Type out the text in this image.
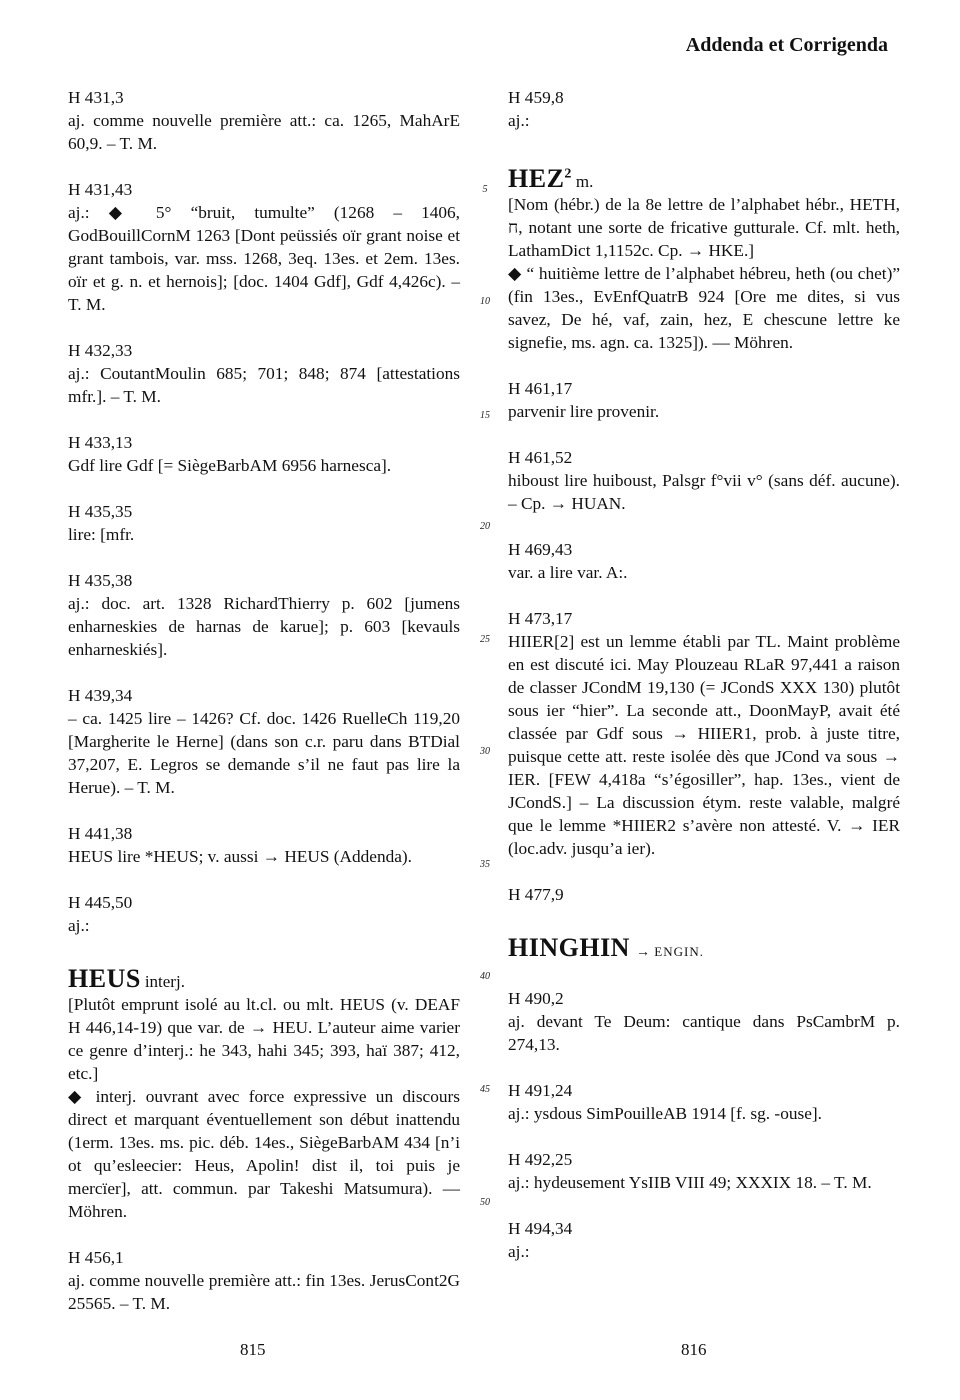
Addenda et Corrigenda
H 431,3
aj. comme nouvelle première att.: ca. 1265, MahArE 60,9. – T. M.
H 431,43
aj.: ◆ 5° “bruit, tumulte” (1268 – 1406, GodBouillCornM 1263 [Dont peüssiés oïr grant noise et grant tambois, var. mss. 1268, 3eq. 13es. et 2em. 13es. oïr et g. n. et hernois]; [doc. 1404 Gdf], Gdf 4,426c). – T. M.
H 432,33
aj.: CoutantMoulin 685; 701; 848; 874 [attestations mfr.]. – T. M.
H 433,13
Gdf lire Gdf [= SiègeBarbAM 6956 harnesca].
H 435,35
lire: [mfr.
H 435,38
aj.: doc. art. 1328 RichardThierry p. 602 [jumens enharneskies de harnas de karue]; p. 603 [kevauls enharneskiés].
H 439,34
– ca. 1425 lire – 1426? Cf. doc. 1426 RuelleCh 119,20 [Margherite le Herne] (dans son c.r. paru dans BTDial 37,207, E. Legros se demande s’il ne faut pas lire la Herue). – T. M.
H 441,38
HEUS lire *HEUS; v. aussi → HEUS (Addenda).
H 445,50
aj.:
HEUS interj.
[Plutôt emprunt isolé au lt.cl. ou mlt. HEUS (v. DEAF H 446,14-19) que var. de → HEU. L’auteur aime varier ce genre d’interj.: he 343, hahi 345; 393, haï 387; 412, etc.]
◆ interj. ouvrant avec force expressive un discours direct et marquant éventuellement son début inattendu (1erm. 13es. ms. pic. déb. 14es., SiègeBarbAM 434 [n’i ot qu’esleecier: Heus, Apolin! dist il, toi puis je mercïer], att. commun. par Takeshi Matsumura). — Möhren.
H 456,1
aj. comme nouvelle première att.: fin 13es. JerusCont2G 25565. – T. M.
5
10
15
20
25
30
35
40
45
50
H 459,8
aj.:
HEZ$^2$ m.
[Nom (hébr.) de la 8e lettre de l’alphabet hébr., HETH, ח, notant une sorte de fricative gutturale. Cf. mlt. heth, LathamDict 1,1152c. Cp. → HKE.]
◆ “ huitième lettre de l’alphabet hébreu, heth (ou chet)” (fin 13es., EvEnfQuatrB 924 [Ore me dites, si vus savez, De hé, vaf, zain, hez, E chescune lettre ke signefie, ms. agn. ca. 1325]). — Möhren.
H 461,17
parvenir lire provenir.
H 461,52
hiboust lire huiboust, Palsgr f°vii v° (sans déf. aucune). – Cp. → HUAN.
H 469,43
var. a lire var. A:.
H 473,17
HIIER[2] est un lemme établi par TL. Maint problème en est discuté ici. May Plouzeau RLaR 97,441 a raison de classer JCondM 19,130 (= JCondS XXX 130) plutôt sous ier “hier”. La seconde att., DoonMayP, avait été classée par Gdf sous → HIIER1, prob. à juste titre, puisque cette att. reste isolée dès que JCond va sous → IER. [FEW 4,418a “s’égosiller”, hap. 13es., vient de JCondS.] – La discussion étym. reste valable, malgré que le lemme *HIIER2 s’avère non attesté. V. → IER (loc.adv. jusqu’a ier).
H 477,9
HINGHIN → ENGIN.
H 490,2
aj. devant Te Deum: cantique dans PsCambrM p. 274,13.
H 491,24
aj.: ysdous SimPouilleAB 1914 [f. sg. -ouse].
H 492,25
aj.: hydeusement YsIIB VIII 49; XXXIX 18. – T. M.
H 494,34
aj.:
815	816
